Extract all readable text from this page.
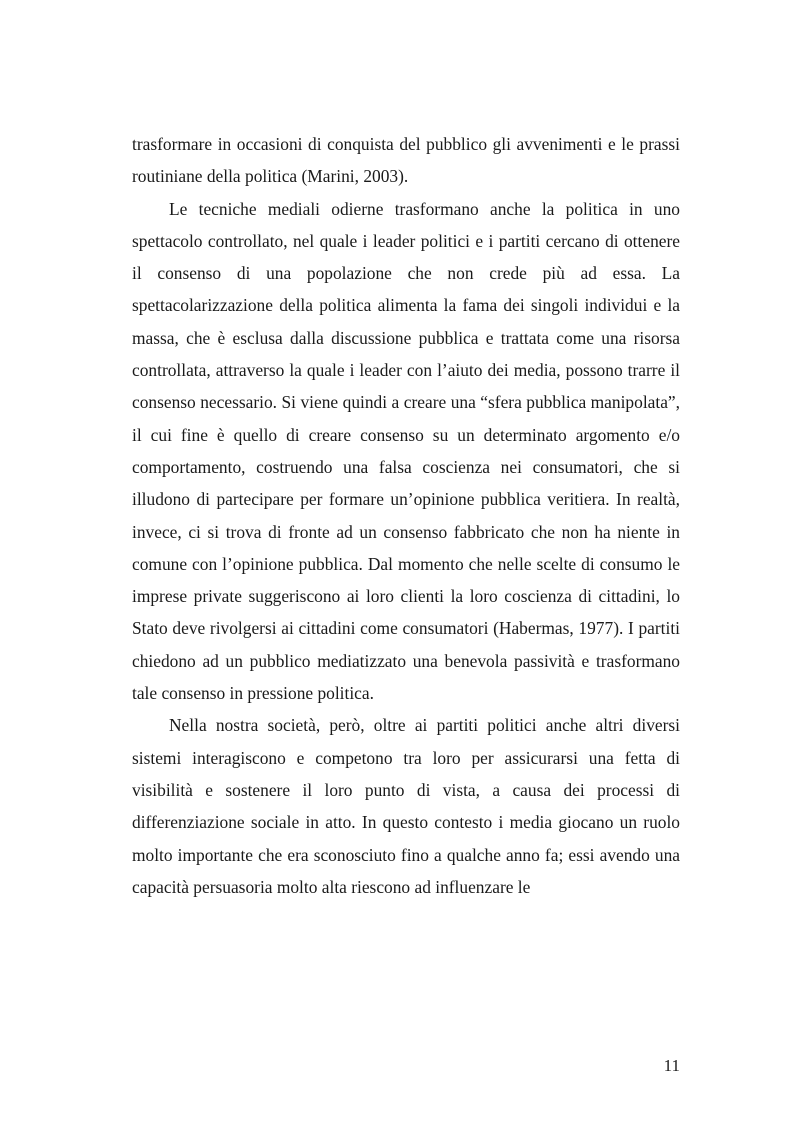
trasformare in occasioni di conquista del pubblico gli avvenimenti e le prassi routiniane della politica (Marini, 2003).

Le tecniche mediali odierne trasformano anche la politica in uno spettacolo controllato, nel quale i leader politici e i partiti cercano di ottenere il consenso di una popolazione che non crede più ad essa. La spettacolarizzazione della politica alimenta la fama dei singoli individui e la massa, che è esclusa dalla discussione pubblica e trattata come una risorsa controllata, attraverso la quale i leader con l’aiuto dei media, possono trarre il consenso necessario. Si viene quindi a creare una “sfera pubblica manipolata”, il cui fine è quello di creare consenso su un determinato argomento e/o comportamento, costruendo una falsa coscienza nei consumatori, che si illudono di partecipare per formare un’opinione pubblica veritiera. In realtà, invece, ci si trova di fronte ad un consenso fabbricato che non ha niente in comune con l’opinione pubblica. Dal momento che nelle scelte di consumo le imprese private suggeriscono ai loro clienti la loro coscienza di cittadini, lo Stato deve rivolgersi ai cittadini come consumatori (Habermas, 1977). I partiti chiedono ad un pubblico mediatizzato una benevola passività e trasformano tale consenso in pressione politica.

Nella nostra società, però, oltre ai partiti politici anche altri diversi sistemi interagiscono e competono tra loro per assicurarsi una fetta di visibilità e sostenere il loro punto di vista, a causa dei processi di differenziazione sociale in atto. In questo contesto i media giocano un ruolo molto importante che era sconosciuto fino a qualche anno fa; essi avendo una capacità persuasoria molto alta riescono ad influenzare le

11
